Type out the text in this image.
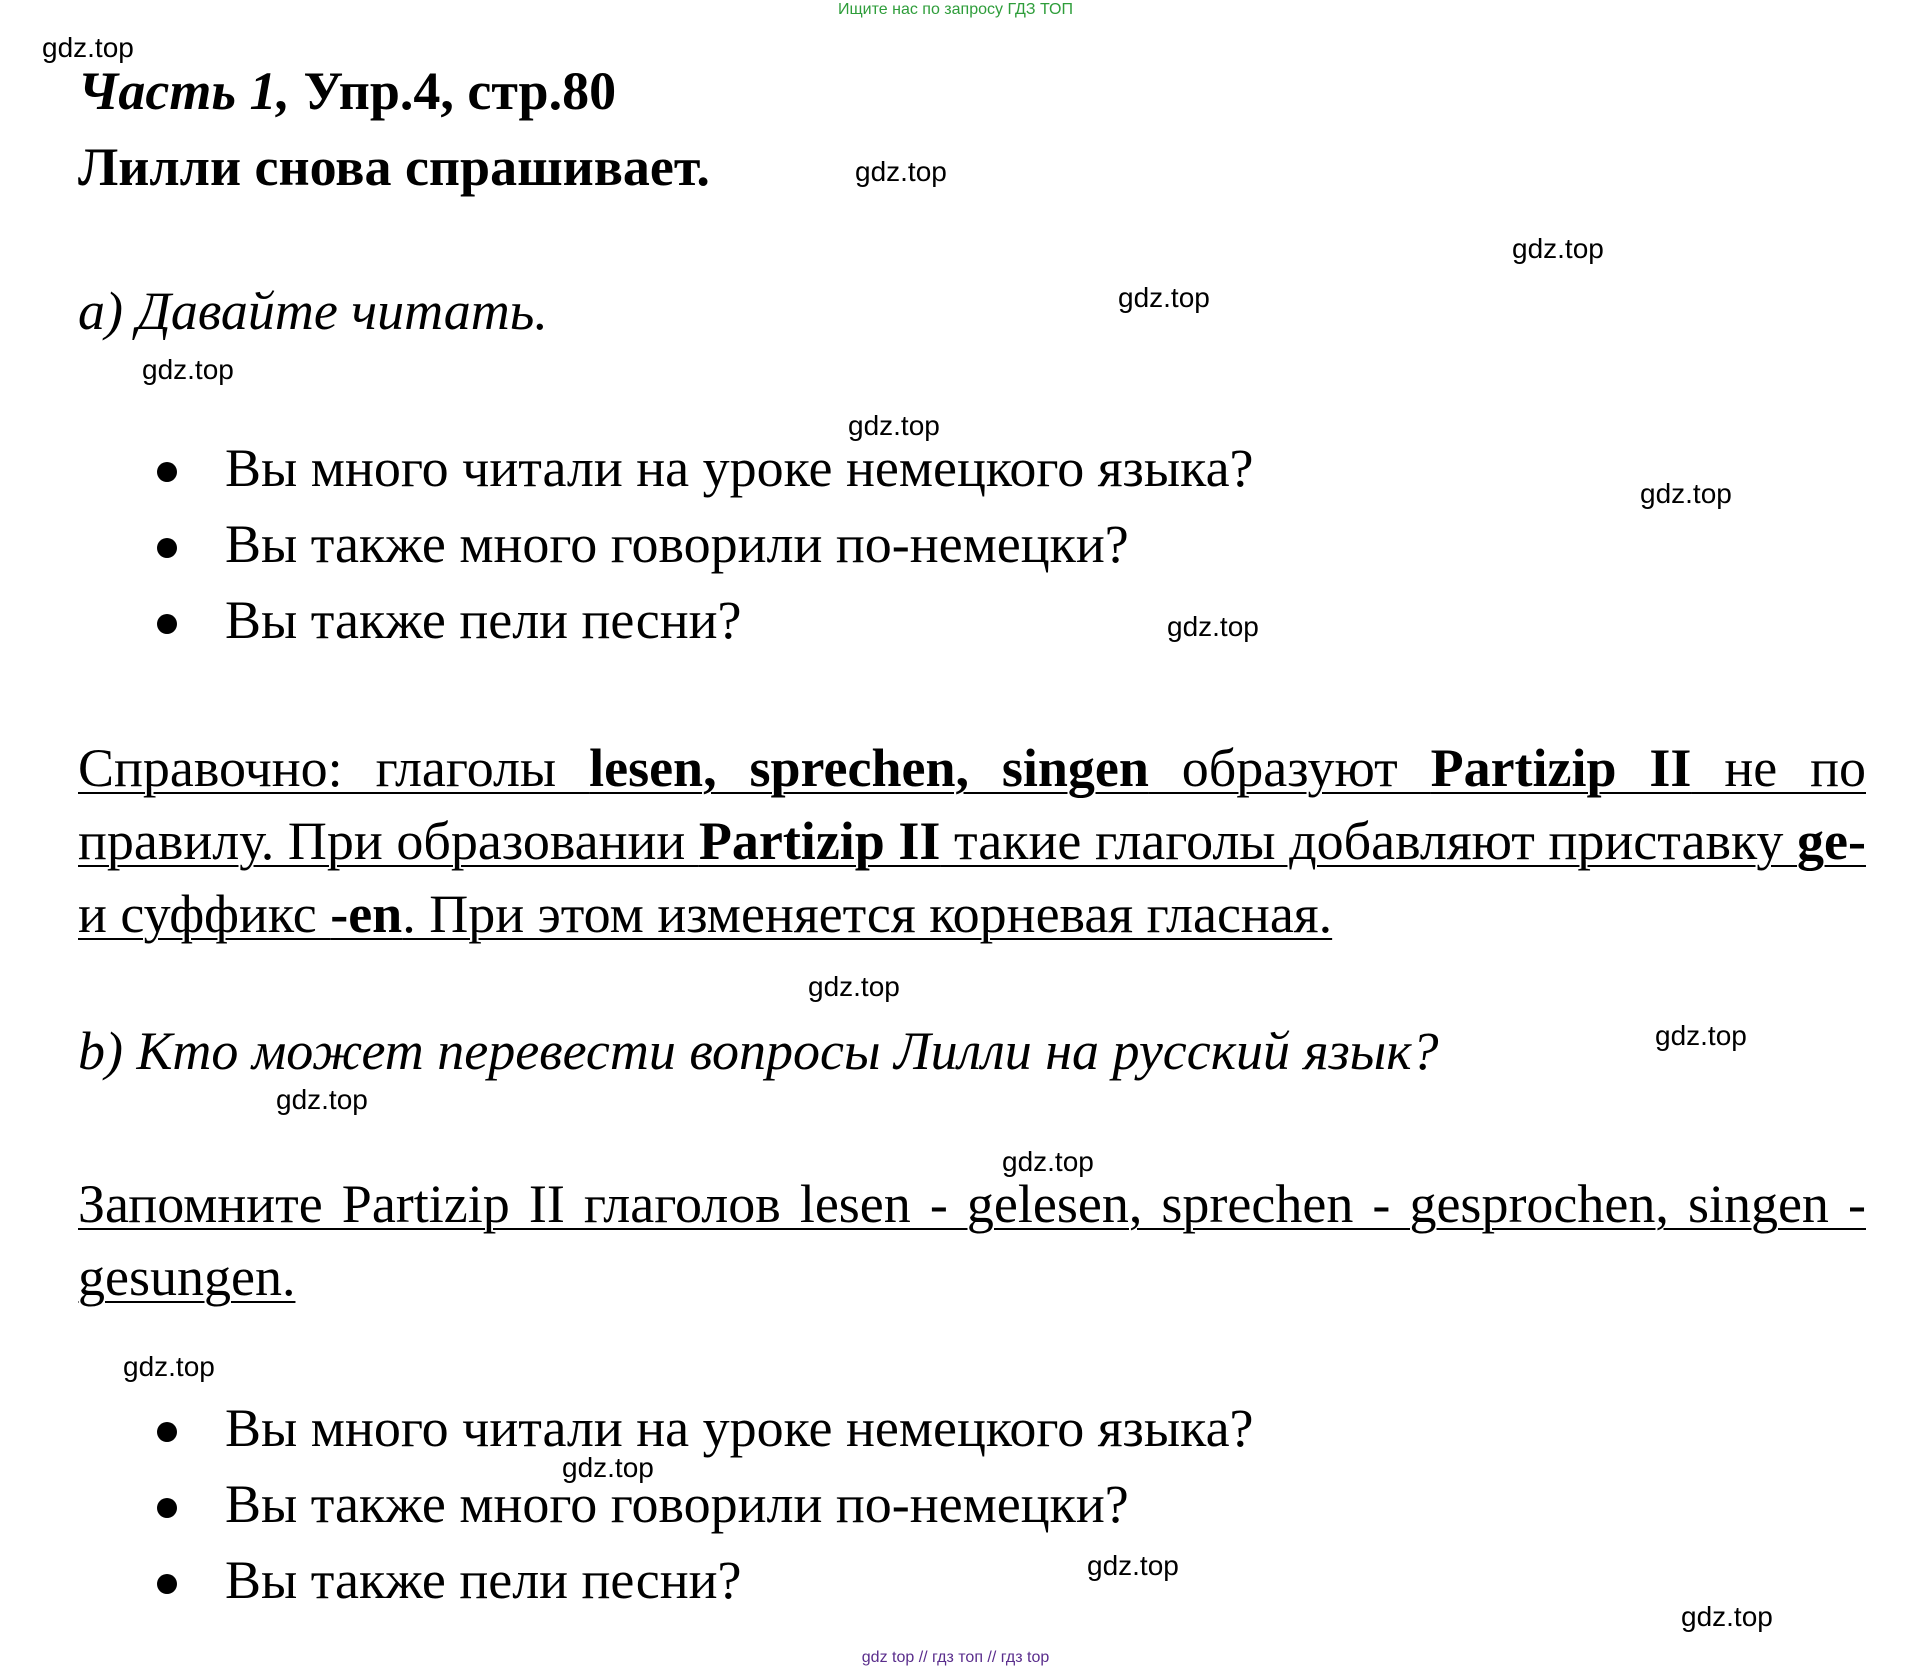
Ищите нас по запросу ГДЗ ТОП
Часть 1, Упр.4, стр.80
Лилли снова спрашивает.
a) Давайте читать.
Вы много читали на уроке немецкого языка?
Вы также много говорили по-немецки?
Вы также пели песни?
Справочно: глаголы lesen, sprechen, singen образуют Partizip II не по правилу. При образовании Partizip II такие глаголы добавляют приставку ge- и суффикс -en. При этом изменяется корневая гласная.
b) Кто может перевести вопросы Лилли на русский язык?
Запомните Partizip II глаголов lesen - gelesen, sprechen - gesprochen, singen - gesungen.
Вы много читали на уроке немецкого языка?
Вы также много говорили по-немецки?
Вы также пели песни?
gdz.top
gdz.top
gdz.top
gdz.top
gdz.top
gdz.top
gdz.top
gdz.top
gdz.top
gdz.top
gdz.top
gdz.top
gdz.top
gdz.top
gdz.top
gdz.top
gdz top // гдз топ // гдз top
